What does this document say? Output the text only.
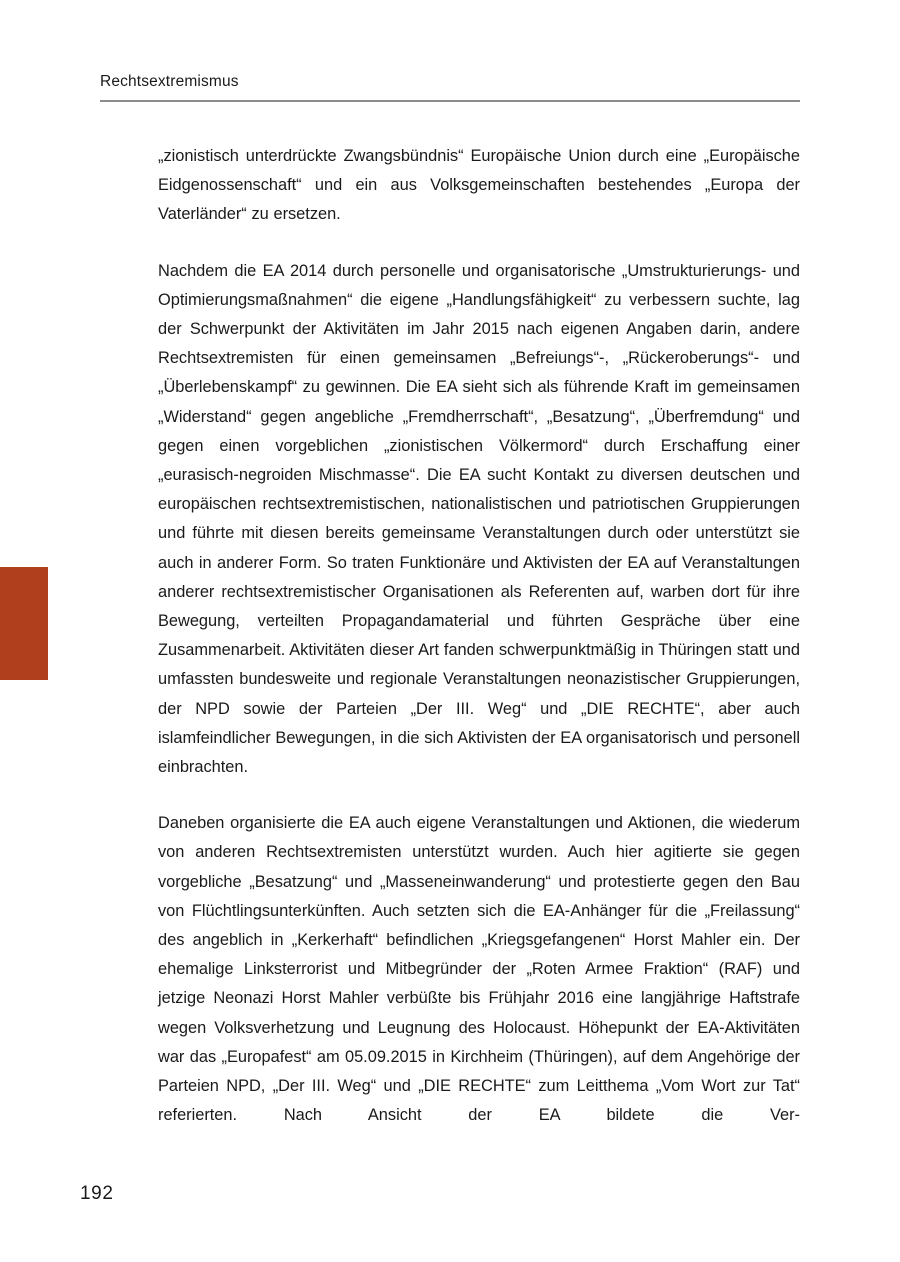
Rechtsextremismus

„zionistisch unterdrückte Zwangsbündnis“ Europäische Union durch eine „Europäische Eidgenossenschaft“ und ein aus Volksgemeinschaften bestehendes „Europa der Vaterländer“ zu ersetzen.

Nachdem die EA 2014 durch personelle und organisatorische „Umstrukturierungs- und Optimierungsmaßnahmen“ die eigene „Handlungsfähigkeit“ zu verbessern suchte, lag der Schwerpunkt der Aktivitäten im Jahr 2015 nach eigenen Angaben darin, andere Rechtsextremisten für einen gemeinsamen „Befreiungs“-, „Rückeroberungs“- und „Überlebenskampf“ zu gewinnen. Die EA sieht sich als führende Kraft im gemeinsamen „Widerstand“ gegen angebliche „Fremdherrschaft“, „Besatzung“, „Überfremdung“ und gegen einen vorgeblichen „zionistischen Völkermord“ durch Erschaffung einer „eurasisch-negroiden Mischmasse“. Die EA sucht Kontakt zu diversen deutschen und europäischen rechtsextremistischen, nationalistischen und patriotischen Gruppierungen und führte mit diesen bereits gemeinsame Veranstaltungen durch oder unterstützt sie auch in anderer Form. So traten Funktionäre und Aktivisten der EA auf Veranstaltungen anderer rechtsextremistischer Organisationen als Referenten auf, warben dort für ihre Bewegung, verteilten Propagandamaterial und führten Gespräche über eine Zusammenarbeit. Aktivitäten dieser Art fanden schwerpunktmäßig in Thüringen statt und umfassten bundesweite und regionale Veranstaltungen neonazistischer Gruppierungen, der NPD sowie der Parteien „Der III. Weg“ und „DIE RECHTE“, aber auch islamfeindlicher Bewegungen, in die sich Aktivisten der EA organisatorisch und personell einbrachten.

Daneben organisierte die EA auch eigene Veranstaltungen und Aktionen, die wiederum von anderen Rechtsextremisten unterstützt wurden. Auch hier agitierte sie gegen vorgebliche „Besatzung“ und „Masseneinwanderung“ und protestierte gegen den Bau von Flüchtlingsunterkünften. Auch setzten sich die EA-Anhänger für die „Freilassung“ des angeblich in „Kerkerhaft“ befindlichen „Kriegsgefangenen“ Horst Mahler ein. Der ehemalige Linksterrorist und Mitbegründer der „Roten Armee Fraktion“ (RAF) und jetzige Neonazi Horst Mahler verbüßte bis Frühjahr 2016 eine langjährige Haftstrafe wegen Volksverhetzung und Leugnung des Holocaust. Höhepunkt der EA-Aktivitäten war das „Europafest“ am 05.09.2015 in Kirchheim (Thüringen), auf dem Angehörige der Parteien NPD, „Der III. Weg“ und „DIE RECHTE“ zum Leitthema „Vom Wort zur Tat“ referierten. Nach Ansicht der EA bildete die Ver-

192
